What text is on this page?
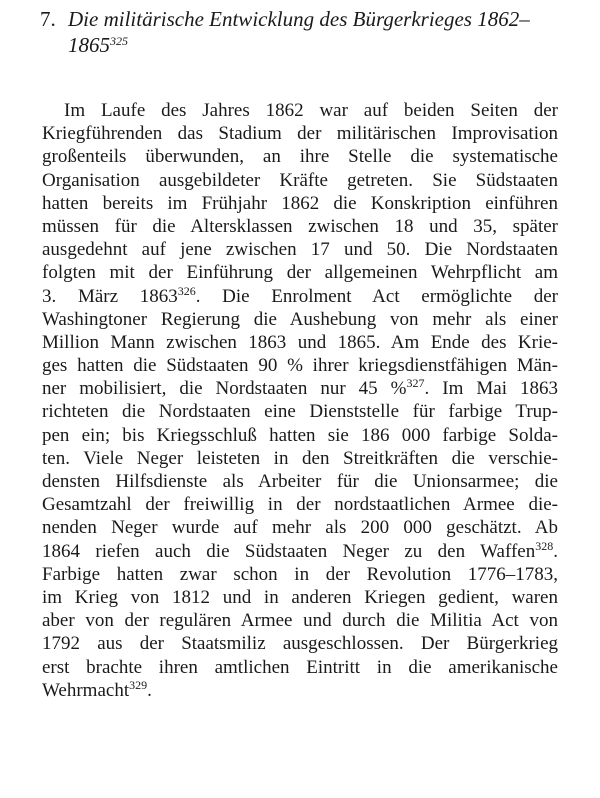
7. Die militärische Entwicklung des Bürgerkrieges 1862–
1865$^{325}$
Im Laufe des Jahres 1862 war auf beiden Seiten der
Kriegführenden das Stadium der militärischen Improvisation
großenteils überwunden, an ihre Stelle die systematische
Organisation ausgebildeter Kräfte getreten. Sie Südstaaten
hatten bereits im Frühjahr 1862 die Konskription einführen
müssen für die Altersklassen zwischen 18 und 35, später
ausgedehnt auf jene zwischen 17 und 50. Die Nordstaaten
folgten mit der Einführung der allgemeinen Wehrpflicht am
3. März 1863$^{326}$. Die Enrolment Act ermöglichte der
Washingtoner Regierung die Aushebung von mehr als einer
Million Mann zwischen 1863 und 1865. Am Ende des Krie-
ges hatten die Südstaaten 90 % ihrer kriegsdienstfähigen Män-
ner mobilisiert, die Nordstaaten nur 45 %$^{327}$. Im Mai 1863
richteten die Nordstaaten eine Dienststelle für farbige Trup-
pen ein; bis Kriegsschluß hatten sie 186 000 farbige Solda-
ten. Viele Neger leisteten in den Streitkräften die verschie-
densten Hilfsdienste als Arbeiter für die Unionsarmee; die
Gesamtzahl der freiwillig in der nordstaatlichen Armee die-
nenden Neger wurde auf mehr als 200 000 geschätzt. Ab
1864 riefen auch die Südstaaten Neger zu den Waffen$^{328}$.
Farbige hatten zwar schon in der Revolution 1776–1783,
im Krieg von 1812 und in anderen Kriegen gedient, waren
aber von der regulären Armee und durch die Militia Act von
1792 aus der Staatsmiliz ausgeschlossen. Der Bürgerkrieg
erst brachte ihren amtlichen Eintritt in die amerikanische
Wehrmacht$^{329}$.
